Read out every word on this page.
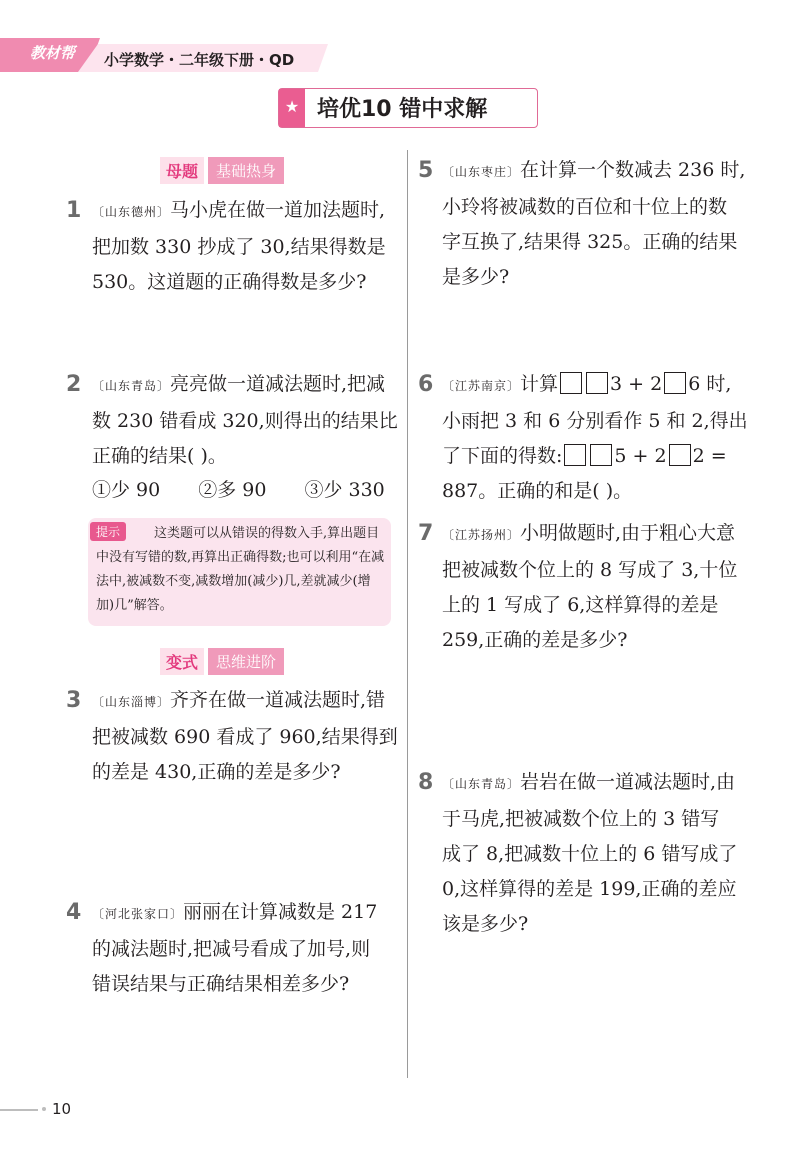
教材帮 小学数学・二年级下册・QD
★ 培优10 错中求解
母题	基础热身
1 〔山东德州〕马小虎在做一道加法题时,
把加数 330 抄成了 30,结果得数是
530。这道题的正确得数是多少?
2 〔山东青岛〕亮亮做一道减法题时,把减
数 230 错看成 320,则得出的结果比
正确的结果( )。
①少 90 ②多 90 ③少 330
这类题可以从错误的得数入手,算出题目中没有写错的数,再算出正确得数;也可以利用“在减法中,被减数不变,减数增加(减少)几,差就减少(增加)几”解答。
提示
变式	思维进阶
3 〔山东淄博〕齐齐在做一道减法题时,错
把被减数 690 看成了 960,结果得到
的差是 430,正确的差是多少?
4 〔河北张家口〕丽丽在计算减数是 217
的减法题时,把减号看成了加号,则
错误结果与正确结果相差多少?
5 〔山东枣庄〕在计算一个数减去 236 时,
小玲将被减数的百位和十位上的数
字互换了,结果得 325。正确的结果
是多少?
6 〔江苏南京〕计算	3 + 2 6 时,
小雨把 3 和 6 分别看作 5 和 2,得出
了下面的得数:	5 + 2 2 =
887。正确的和是( )。
7 〔江苏扬州〕小明做题时,由于粗心大意
把被减数个位上的 8 写成了 3,十位
上的 1 写成了 6,这样算得的差是
259,正确的差是多少?
8 〔山东青岛〕岩岩在做一道减法题时,由
于马虎,把被减数个位上的 3 错写
成了 8,把减数十位上的 6 错写成了
0,这样算得的差是 199,正确的差应
该是多少?
10
